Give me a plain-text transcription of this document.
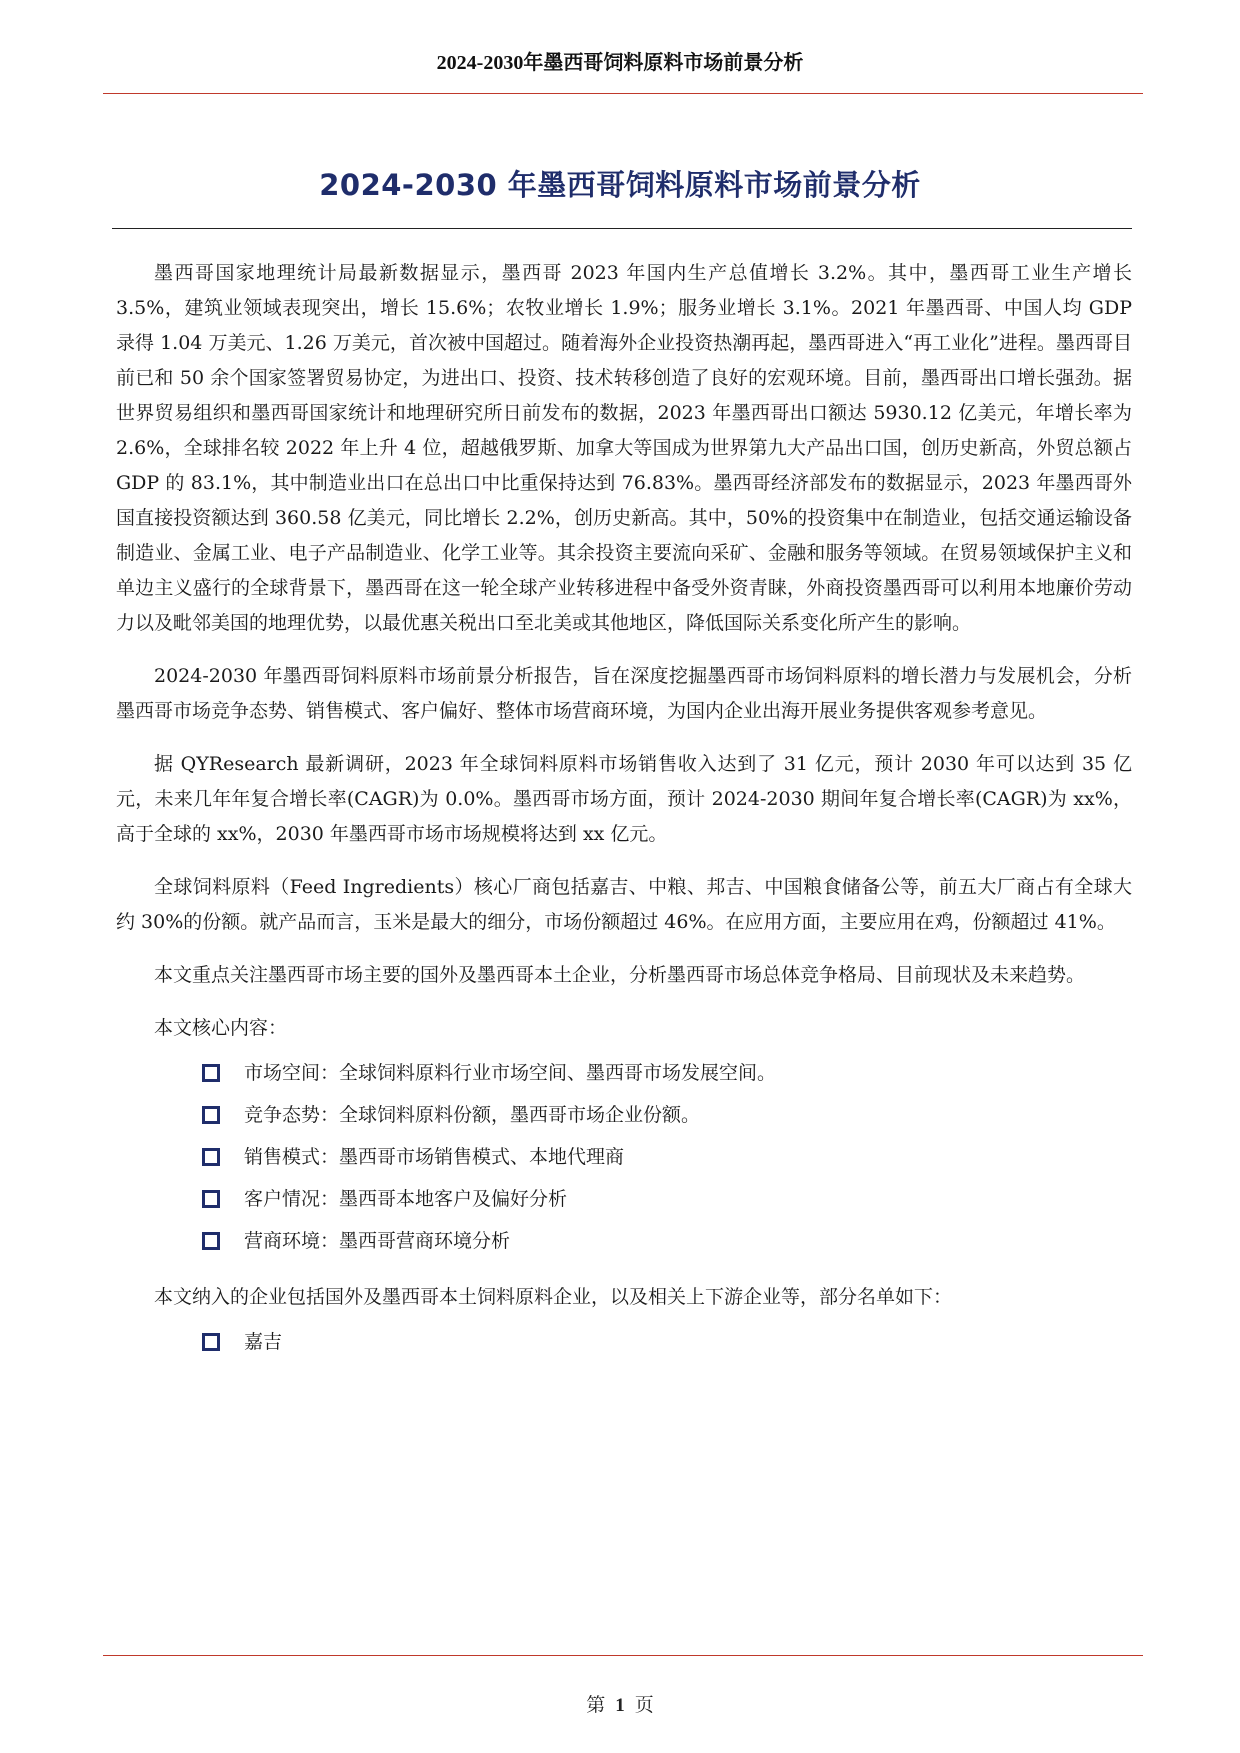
2024-2030年墨西哥饲料原料市场前景分析
2024-2030 年墨西哥饲料原料市场前景分析

墨西哥国家地理统计局最新数据显示，墨西哥 2023 年国内生产总值增长 3.2%。其中，墨西哥工业生产增长 3.5%，建筑业领域表现突出，增长 15.6%；农牧业增长 1.9%；服务业增长 3.1%。2021 年墨西哥、中国人均 GDP 录得 1.04 万美元、1.26 万美元，首次被中国超过。随着海外企业投资热潮再起，墨西哥进入“再工业化”进程。墨西哥目前已和 50 余个国家签署贸易协定，为进出口、投资、技术转移创造了良好的宏观环境。目前，墨西哥出口增长强劲。据世界贸易组织和墨西哥国家统计和地理研究所日前发布的数据，2023 年墨西哥出口额达 5930.12 亿美元，年增长率为 2.6%，全球排名较 2022 年上升 4 位，超越俄罗斯、加拿大等国成为世界第九大产品出口国，创历史新高，外贸总额占 GDP 的 83.1%，其中制造业出口在总出口中比重保持达到 76.83%。墨西哥经济部发布的数据显示，2023 年墨西哥外国直接投资额达到 360.58 亿美元，同比增长 2.2%，创历史新高。其中，50%的投资集中在制造业，包括交通运输设备制造业、金属工业、电子产品制造业、化学工业等。其余投资主要流向采矿、金融和服务等领域。在贸易领域保护主义和单边主义盛行的全球背景下，墨西哥在这一轮全球产业转移进程中备受外资青睐，外商投资墨西哥可以利用本地廉价劳动力以及毗邻美国的地理优势，以最优惠关税出口至北美或其他地区，降低国际关系变化所产生的影响。

2024-2030 年墨西哥饲料原料市场前景分析报告，旨在深度挖掘墨西哥市场饲料原料的增长潜力与发展机会，分析墨西哥市场竞争态势、销售模式、客户偏好、整体市场营商环境，为国内企业出海开展业务提供客观参考意见。

据 QYResearch 最新调研，2023 年全球饲料原料市场销售收入达到了 31 亿元，预计 2030 年可以达到 35 亿元，未来几年年复合增长率(CAGR)为 0.0%。墨西哥市场方面，预计 2024-2030 期间年复合增长率(CAGR)为 xx%，高于全球的 xx%，2030 年墨西哥市场市场规模将达到 xx 亿元。

全球饲料原料（Feed Ingredients）核心厂商包括嘉吉、中粮、邦吉、中国粮食储备公等，前五大厂商占有全球大约 30%的份额。就产品而言，玉米是最大的细分，市场份额超过 46%。在应用方面，主要应用在鸡，份额超过 41%。

本文重点关注墨西哥市场主要的国外及墨西哥本土企业，分析墨西哥市场总体竞争格局、目前现状及未来趋势。

本文核心内容：

市场空间：全球饲料原料行业市场空间、墨西哥市场发展空间。
竞争态势：全球饲料原料份额，墨西哥市场企业份额。
销售模式：墨西哥市场销售模式、本地代理商
客户情况：墨西哥本地客户及偏好分析
营商环境：墨西哥营商环境分析

本文纳入的企业包括国外及墨西哥本土饲料原料企业，以及相关上下游企业等，部分名单如下：

嘉吉
第 1 页
